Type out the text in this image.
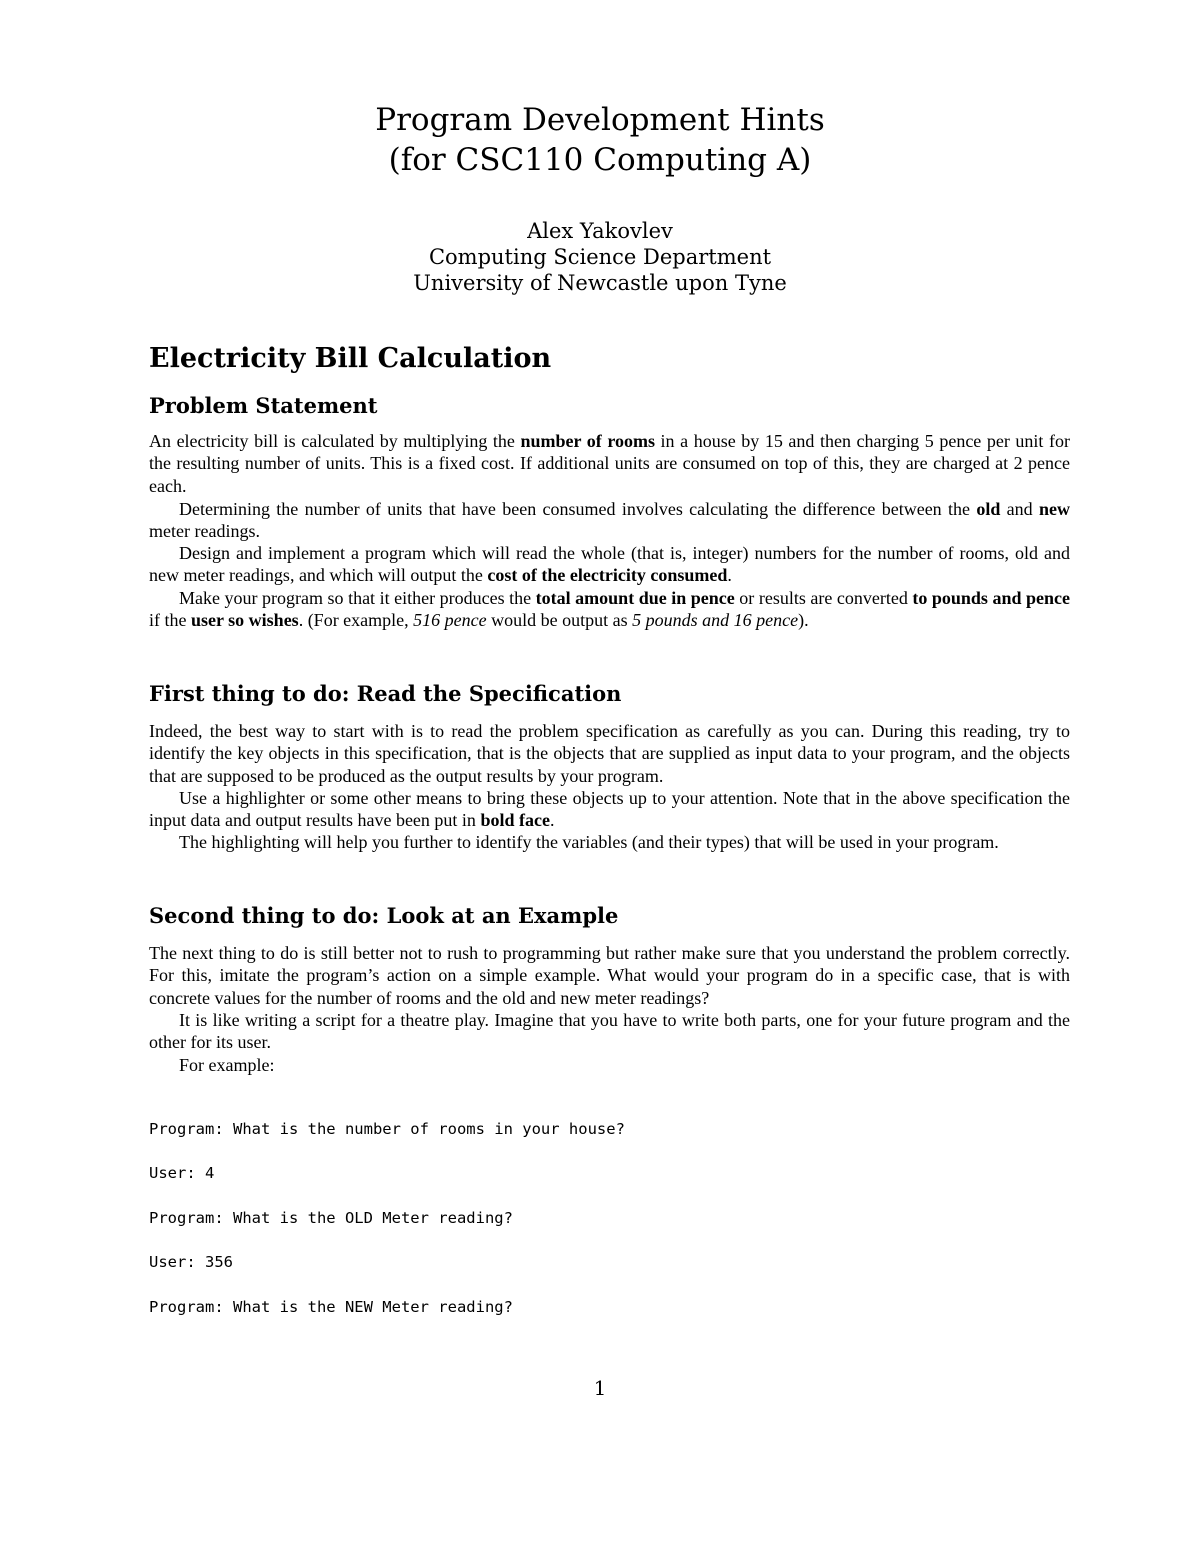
Program Development Hints
(for CSC110 Computing A)
Alex Yakovlev
Computing Science Department
University of Newcastle upon Tyne
Electricity Bill Calculation
Problem Statement

An electricity bill is calculated by multiplying the number of rooms in a house by 15 and then charging 5 pence per unit for the resulting number of units. This is a fixed cost. If additional units are consumed on top of this, they are charged at 2 pence each.

Determining the number of units that have been consumed involves calculating the difference between the old and new meter readings.

Design and implement a program which will read the whole (that is, integer) numbers for the number of rooms, old and new meter readings, and which will output the cost of the electricity consumed.

Make your program so that it either produces the total amount due in pence or results are converted to pounds and pence if the user so wishes. (For example, 516 pence would be output as 5 pounds and 16 pence).

First thing to do: Read the Specification

Indeed, the best way to start with is to read the problem specification as carefully as you can. During this reading, try to identify the key objects in this specification, that is the objects that are supplied as input data to your program, and the objects that are supposed to be produced as the output results by your program.

Use a highlighter or some other means to bring these objects up to your attention. Note that in the above specification the input data and output results have been put in bold face.

The highlighting will help you further to identify the variables (and their types) that will be used in your program.

Second thing to do: Look at an Example

The next thing to do is still better not to rush to programming but rather make sure that you understand the problem correctly. For this, imitate the program’s action on a simple example. What would your program do in a specific case, that is with concrete values for the number of rooms and the old and new meter readings?

It is like writing a script for a theatre play. Imagine that you have to write both parts, one for your future program and the other for its user.

For example:

Program: What is the number of rooms in your house?
User: 4
Program: What is the OLD Meter reading?
User: 356
Program: What is the NEW Meter reading?
1
